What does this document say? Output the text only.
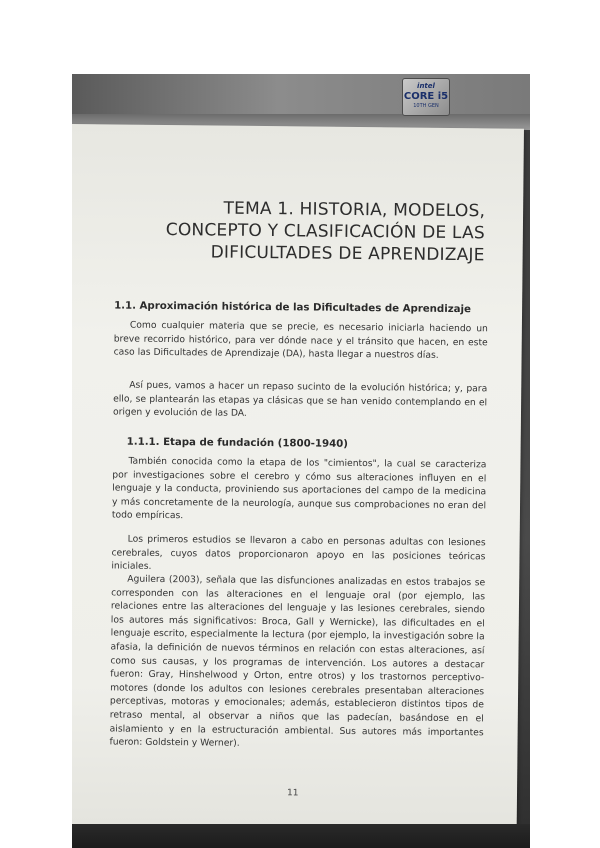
intel
CORE i5
10TH GEN
TEMA 1. HISTORIA, MODELOS,
CONCEPTO Y CLASIFICACIÓN DE LAS
DIFICULTADES DE APRENDIZAJE
1.1. Aproximación histórica de las Dificultades de Aprendizaje

Como cualquier materia que se precie, es necesario iniciarla haciendo un breve recorrido histórico, para ver dónde nace y el tránsito que hacen, en este caso las Dificultades de Aprendizaje (DA), hasta llegar a nuestros días.

Así pues, vamos a hacer un repaso sucinto de la evolución histórica; y, para ello, se plantearán las etapas ya clásicas que se han venido contemplando en el origen y evolución de las DA.

1.1.1. Etapa de fundación (1800-1940)

También conocida como la etapa de los "cimientos", la cual se caracteriza por investigaciones sobre el cerebro y cómo sus alteraciones influyen en el lenguaje y la conducta, proviniendo sus aportaciones del campo de la medicina y más concretamente de la neurología, aunque sus comprobaciones no eran del todo empíricas.

Los primeros estudios se llevaron a cabo en personas adultas con lesiones cerebrales, cuyos datos proporcionaron apoyo en las posiciones teóricas iniciales.

Aguilera (2003), señala que las disfunciones analizadas en estos trabajos se corresponden con las alteraciones en el lenguaje oral (por ejemplo, las relaciones entre las alteraciones del lenguaje y las lesiones cerebrales, siendo los autores más significativos: Broca, Gall y Wernicke), las dificultades en el lenguaje escrito, especialmente la lectura (por ejemplo, la investigación sobre la afasia, la definición de nuevos términos en relación con estas alteraciones, así como sus causas, y los programas de intervención. Los autores a destacar fueron: Gray, Hinshelwood y Orton, entre otros) y los trastornos perceptivo-motores (donde los adultos con lesiones cerebrales presentaban alteraciones perceptivas, motoras y emocionales; además, establecieron distintos tipos de retraso mental, al observar a niños que las padecían, basándose en el aislamiento y en la estructuración ambiental. Sus autores más importantes fueron: Goldstein y Werner).

11
